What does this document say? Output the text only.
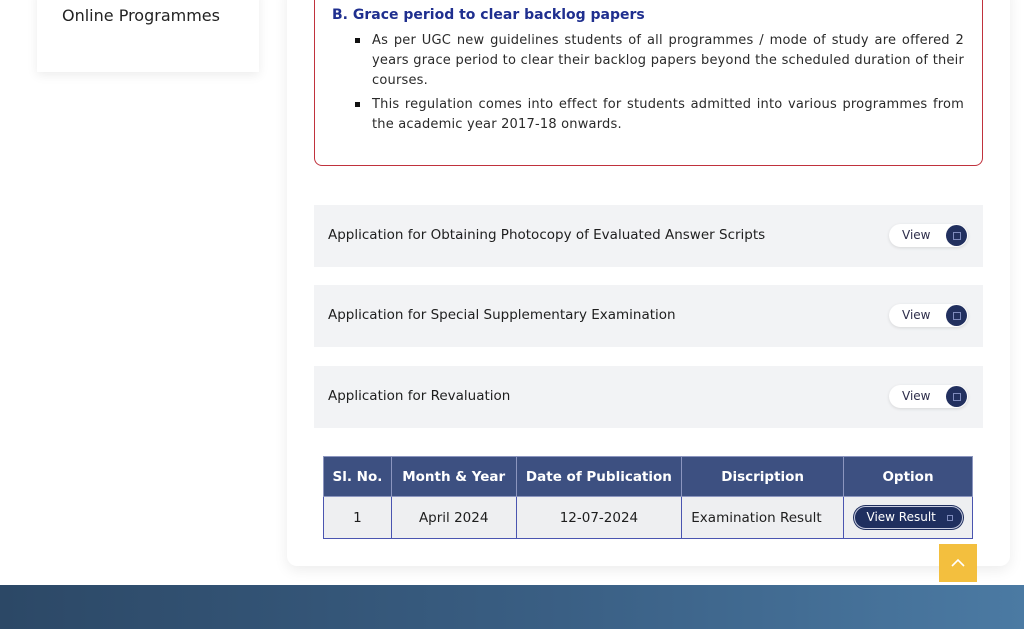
Online Programmes	B. Grace period to clear backlog papers
As per UGC new guidelines students of all programmes / mode of study are offered 2 years grace period to clear their backlog papers beyond the scheduled duration of their courses.
This regulation comes into effect for students admitted into various programmes from the academic year 2017-18 onwards.
Application for Obtaining Photocopy of Evaluated Answer Scripts	View
Application for Special Supplementary Examination	View
Application for Revaluation	View
Sl. No.	Month & Year	Date of Publication	Discription	Option
1	April 2024	12-07-2024	Examination Result	View Result
